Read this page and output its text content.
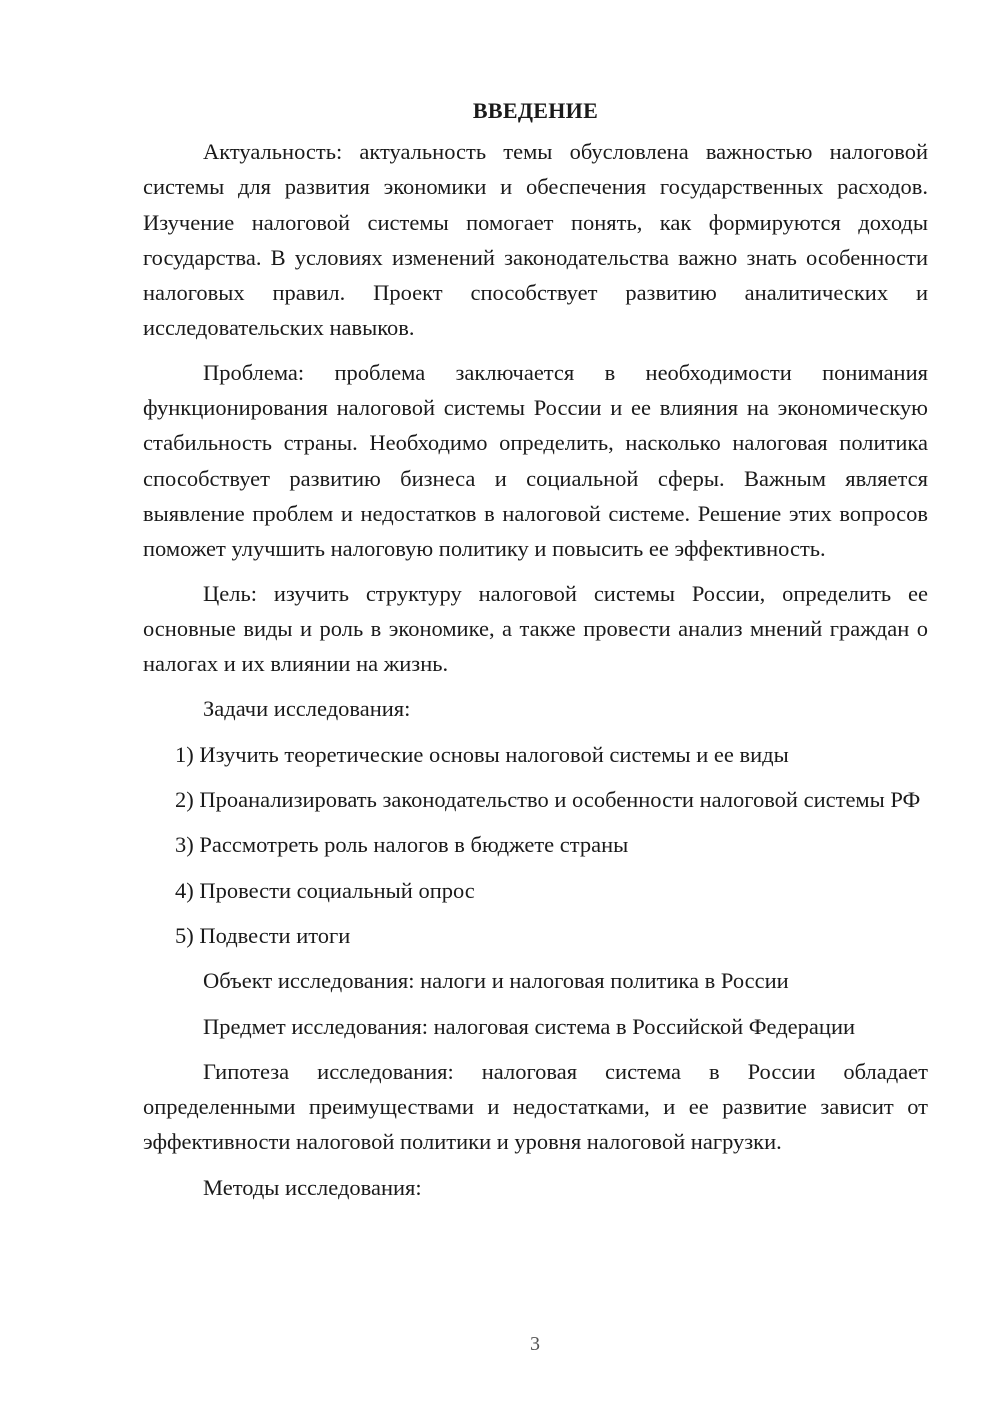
ВВЕДЕНИЕ

Актуальность: актуальность темы обусловлена важностью налоговой системы для развития экономики и обеспечения государственных расходов. Изучение налоговой системы помогает понять, как формируются доходы государства. В условиях изменений законодательства важно знать особенности налоговых правил. Проект способствует развитию аналитических и исследовательских навыков.

Проблема: проблема заключается в необходимости понимания функционирования налоговой системы России и ее влияния на экономическую стабильность страны. Необходимо определить, насколько налоговая политика способствует развитию бизнеса и социальной сферы. Важным является выявление проблем и недостатков в налоговой системе. Решение этих вопросов поможет улучшить налоговую политику и повысить ее эффективность.

Цель: изучить структуру налоговой системы России, определить ее основные виды и роль в экономике, а также провести анализ мнений граждан о налогах и их влиянии на жизнь.

Задачи исследования:

1) Изучить теоретические основы налоговой системы и ее виды

2) Проанализировать законодательство и особенности налоговой системы РФ

3) Рассмотреть роль налогов в бюджете страны

4) Провести социальный опрос

5) Подвести итоги

Объект исследования: налоги и налоговая политика в России

Предмет исследования: налоговая система в Российской Федерации

Гипотеза исследования: налоговая система в России обладает определенными преимуществами и недостатками, и ее развитие зависит от эффективности налоговой политики и уровня налоговой нагрузки.

Методы исследования:

3
